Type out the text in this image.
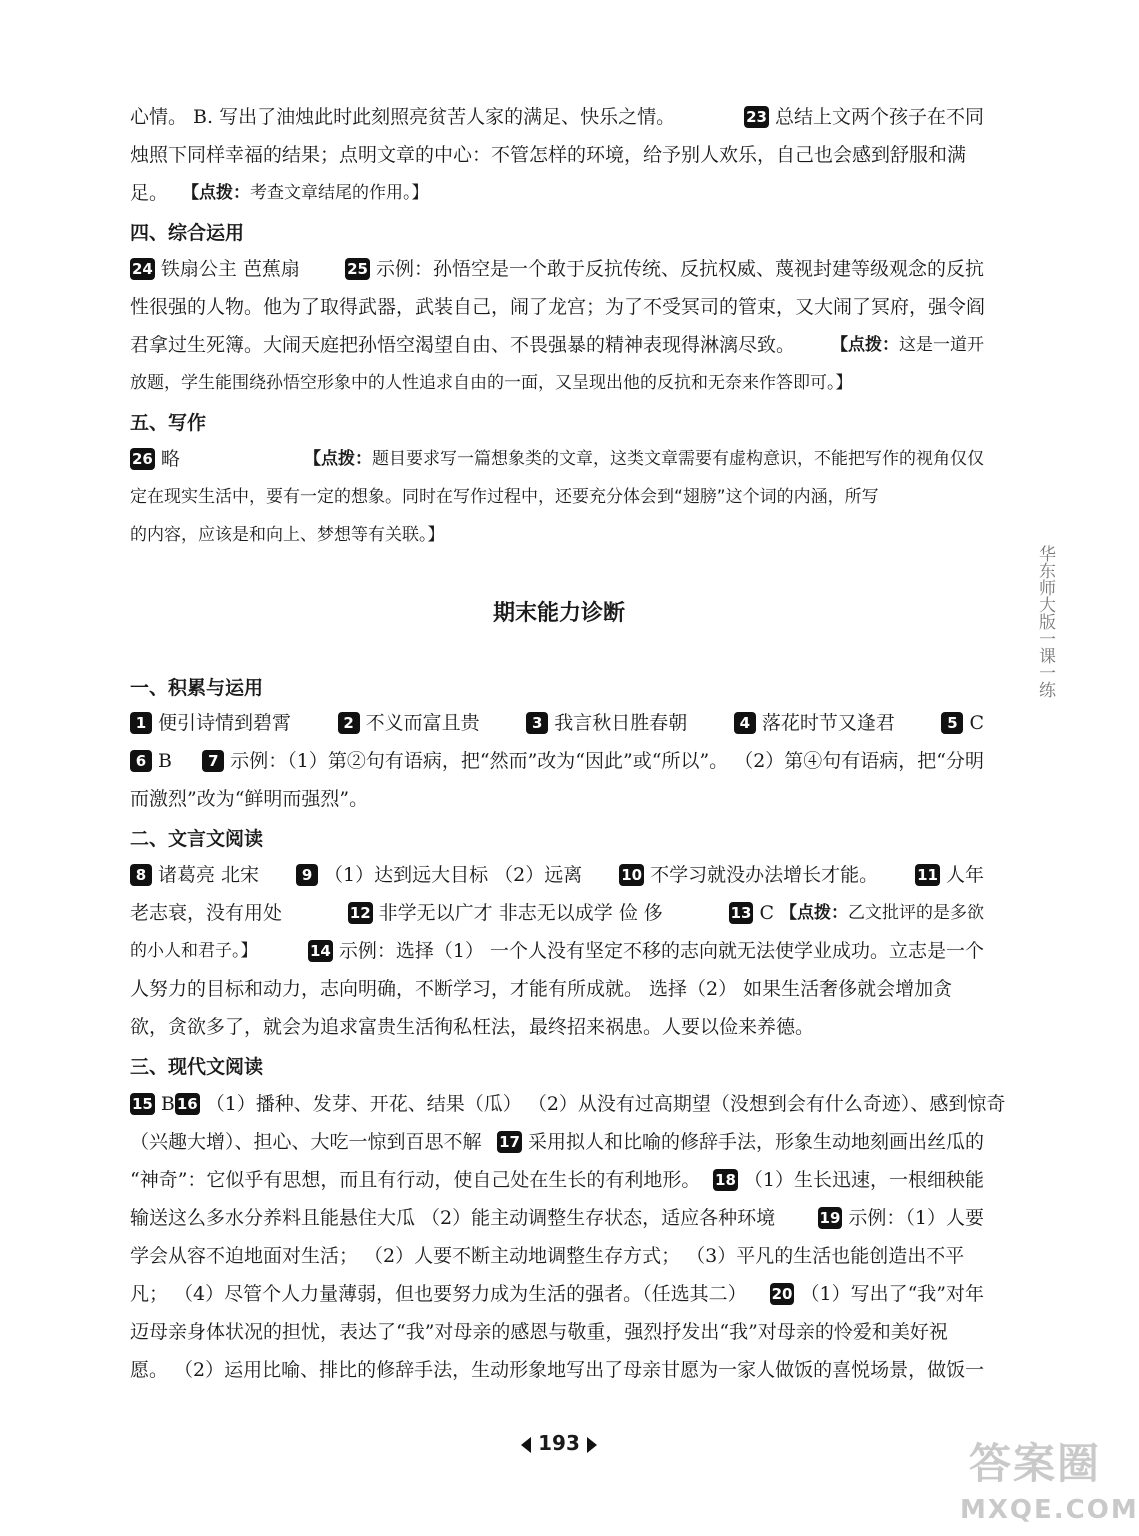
心情。 B. 写出了油烛此时此刻照亮贫苦人家的满足、快乐之情。	23 总结上文两个孩子在不同
烛照下同样幸福的结果；点明文章的中心：不管怎样的环境，给予别人欢乐，自己也会感到舒服和满
足。 【点拨：考查文章结尾的作用。】
四、综合运用
24 铁扇公主 芭蕉扇	25 示例：孙悟空是一个敢于反抗传统、反抗权威、蔑视封建等级观念的反抗
性很强的人物。他为了取得武器，武装自己，闹了龙宫；为了不受冥司的管束，又大闹了冥府，强令阎
君拿过生死簿。大闹天庭把孙悟空渴望自由、不畏强暴的精神表现得淋漓尽致。 【点拨：这是一道开
放题，学生能围绕孙悟空形象中的人性追求自由的一面，又呈现出他的反抗和无奈来作答即可。】
五、写作
26 略	【点拨：题目要求写一篇想象类的文章，这类文章需要有虚构意识，不能把写作的视角仅仅
定在现实生活中，要有一定的想象。同时在写作过程中，还要充分体会到“翅膀”这个词的内涵，所写
的内容，应该是和向上、梦想等有关联。】
期末能力诊断
一、积累与运用
1 便引诗情到碧霄	2 不义而富且贵	3 我言秋日胜春朝	4 落花时节又逢君	5 C
6 B	7 示例：（1）第②句有语病，把“然而”改为“因此”或“所以”。 （2）第④句有语病，把“分明
而激烈”改为“鲜明而强烈”。
二、文言文阅读
8 诸葛亮 北宋	9 （1）达到远大目标 （2）远离	10 不学习就没办法增长才能。	11 人年
老志衰，没有用处	12 非学无以广才 非志无以成学 俭 侈	13 C 【点拨：乙文批评的是多欲
的小人和君子。】	14 示例：选择（1） 一个人没有坚定不移的志向就无法使学业成功。立志是一个
人努力的目标和动力，志向明确，不断学习，才能有所成就。 选择（2） 如果生活奢侈就会增加贪
欲，贪欲多了，就会为追求富贵生活徇私枉法，最终招来祸患。人要以俭来养德。
三、现代文阅读
15 B 16 （1）播种、发芽、开花、结果（瓜） （2）从没有过高期望（没想到会有什么奇迹）、感到惊奇
（兴趣大增）、担心、大吃一惊到百思不解 17 采用拟人和比喻的修辞手法，形象生动地刻画出丝瓜的
“神奇”：它似乎有思想，而且有行动，使自己处在生长的有利地形。 18 （1）生长迅速，一根细秧能
输送这么多水分养料且能悬住大瓜 （2）能主动调整生存状态，适应各种环境	19 示例：（1）人要
学会从容不迫地面对生活； （2）人要不断主动地调整生存方式； （3）平凡的生活也能创造出不平
凡； （4）尽管个人力量薄弱，但也要努力成为生活的强者。（任选其二） 20 （1）写出了“我”对年
迈母亲身体状况的担忧，表达了“我”对母亲的感恩与敬重，强烈抒发出“我”对母亲的怜爱和美好祝
愿。 （2）运用比喻、排比的修辞手法，生动形象地写出了母亲甘愿为一家人做饭的喜悦场景，做饭一
华东师大版一课一练
193	答案圈
MXQE.COM
